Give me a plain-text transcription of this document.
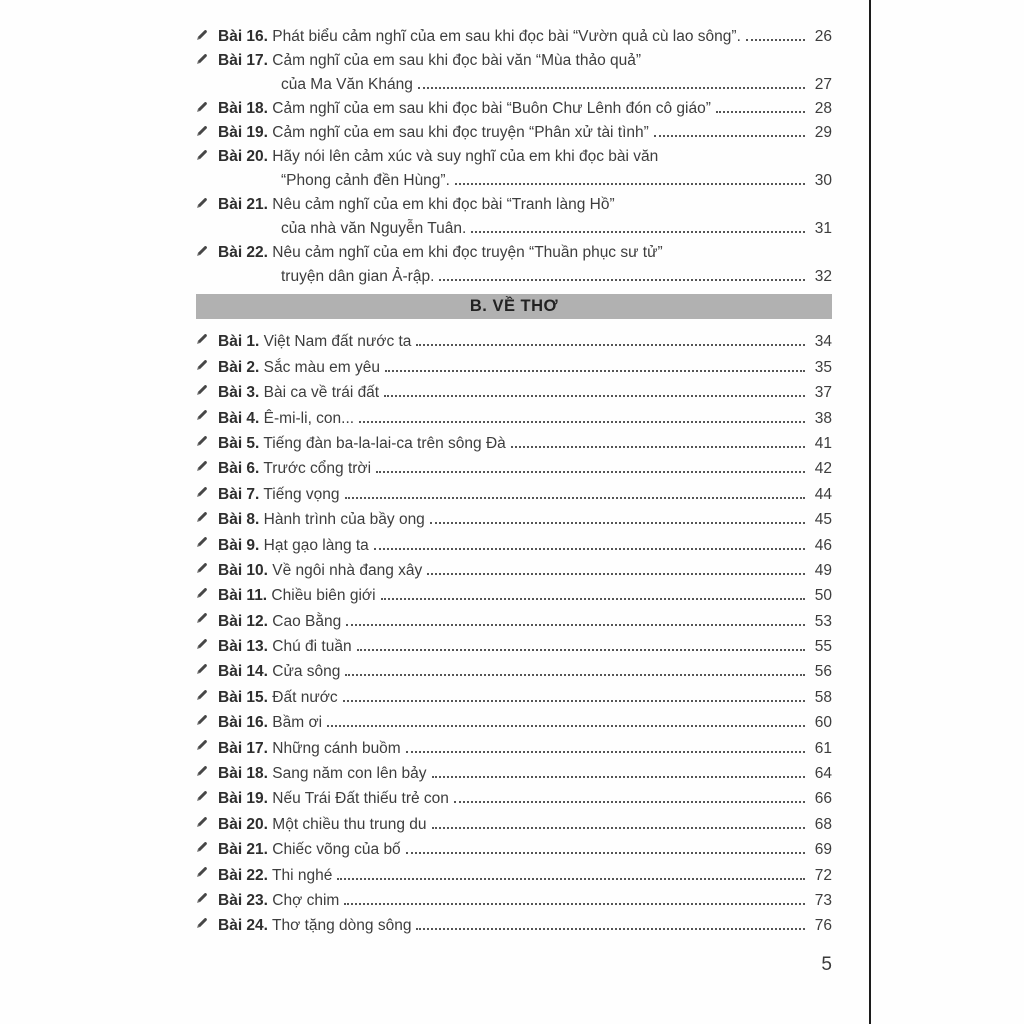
Bài 16. Phát biểu cảm nghĩ của em sau khi đọc bài “Vườn quả cù lao sông”.	26
Bài 17. Cảm nghĩ của em sau khi đọc bài văn “Mùa thảo quả”
của Ma Văn Kháng	27
Bài 18. Cảm nghĩ của em sau khi đọc bài “Buôn Chư Lênh đón cô giáo”	28
Bài 19. Cảm nghĩ của em sau khi đọc truyện “Phân xử tài tình”	29
Bài 20. Hãy nói lên cảm xúc và suy nghĩ của em khi đọc bài văn
“Phong cảnh đền Hùng”.	30
Bài 21. Nêu cảm nghĩ của em khi đọc bài “Tranh làng Hồ”
của nhà văn Nguyễn Tuân.	31
Bài 22. Nêu cảm nghĩ của em khi đọc truyện “Thuần phục sư tử”
truyện dân gian Ả-rập.	32
B. VỀ THƠ
Bài 1. Việt Nam đất nước ta	34
Bài 2. Sắc màu em yêu	35
Bài 3. Bài ca về trái đất	37
Bài 4. Ê-mi-li, con...	38
Bài 5. Tiếng đàn ba-la-lai-ca trên sông Đà	41
Bài 6. Trước cổng trời	42
Bài 7. Tiếng vọng	44
Bài 8. Hành trình của bầy ong	45
Bài 9. Hạt gạo làng ta	46
Bài 10. Về ngôi nhà đang xây	49
Bài 11. Chiều biên giới	50
Bài 12. Cao Bằng	53
Bài 13. Chú đi tuần	55
Bài 14. Cửa sông	56
Bài 15. Đất nước	58
Bài 16. Bầm ơi	60
Bài 17. Những cánh buồm	61
Bài 18. Sang năm con lên bảy	64
Bài 19. Nếu Trái Đất thiếu trẻ con	66
Bài 20. Một chiều thu trung du	68
Bài 21. Chiếc võng của bố	69
Bài 22. Thi nghé	72
Bài 23. Chợ chim	73
Bài 24. Thơ tặng dòng sông	76
5
